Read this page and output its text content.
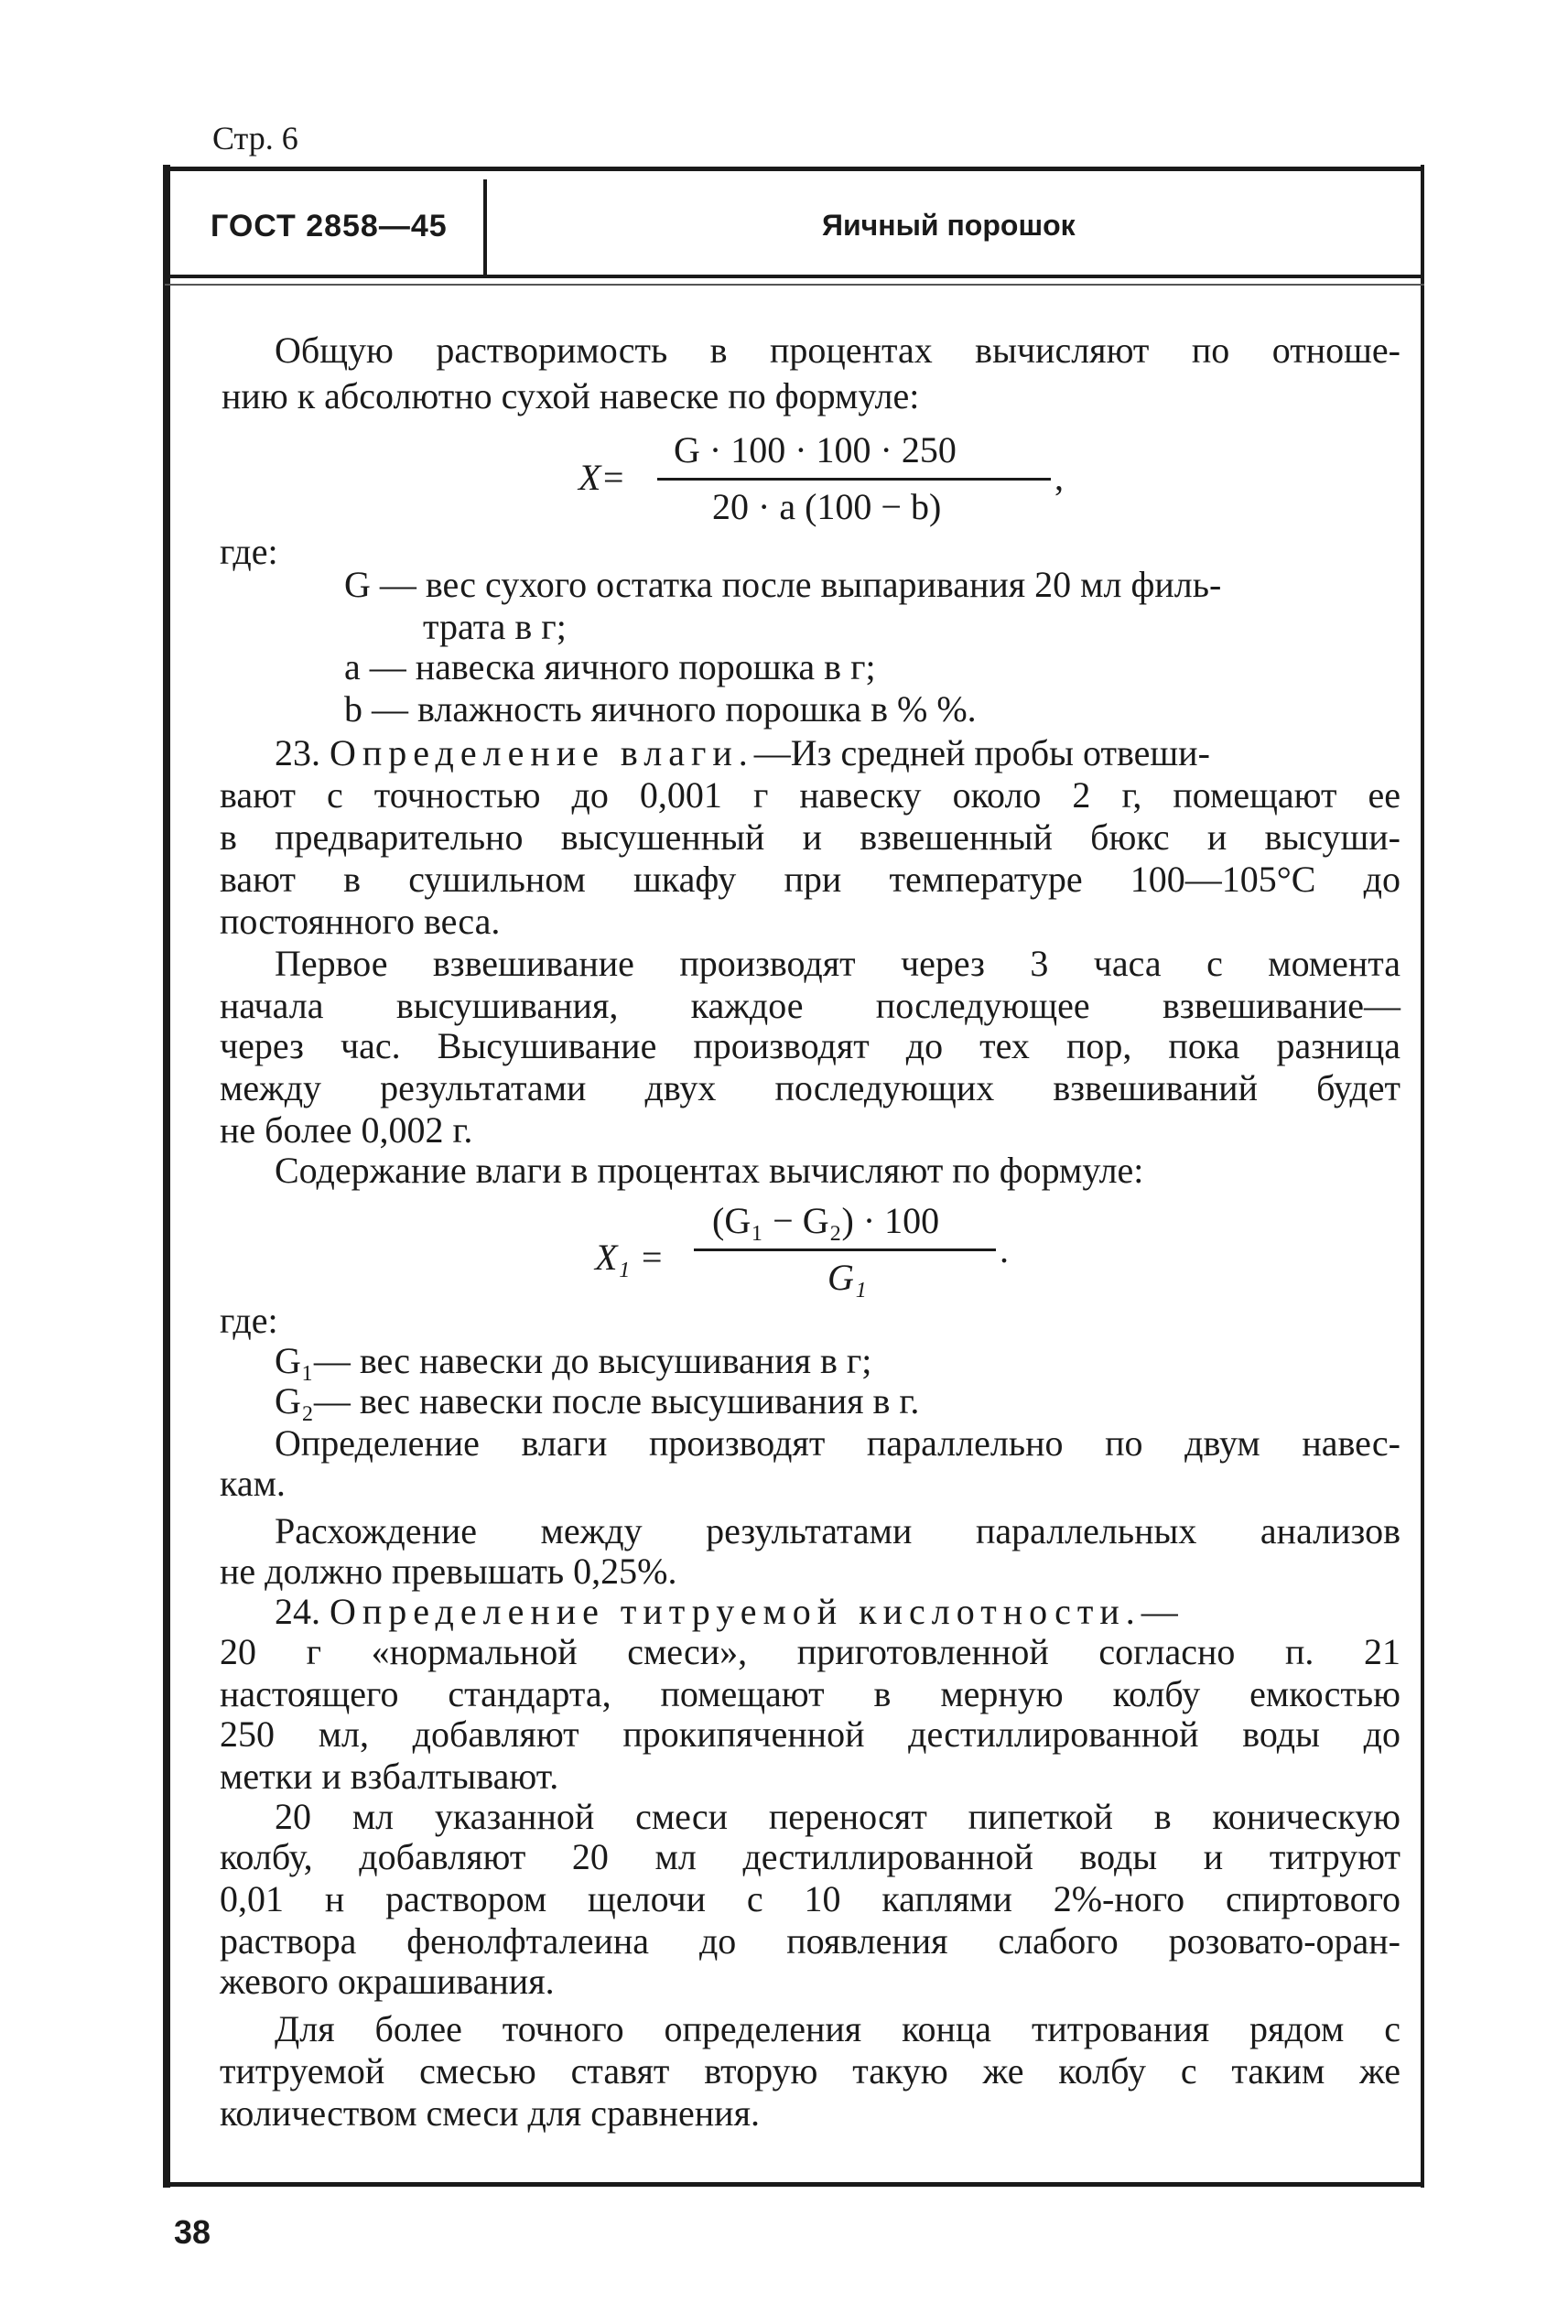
Стр. 6
ГОСТ 2858—45	Яичный порошок
Общую растворимость в процентах вычисляют по отноше-
нию к абсолютно сухой навеске по формуле:
X=
G · 100 · 100 · 250
20 · a (100 − b)
,
где:
G — вес сухого остатка после выпаривания 20 мл филь-
трата в г;
a — навеска яичного порошка в г;
b — влажность яичного порошка в % %.
23. Определение влаги.—Из средней пробы отвеши-
вают с точностью до 0,001 г навеску около 2 г, помещают ее
в предварительно высушенный и взвешенный бюкс и высуши-
вают в сушильном шкафу при температуре 100—105°С до
постоянного веса.
Первое взвешивание производят через 3 часа с момента
начала высушивания, каждое последующее взвешивание—
через час. Высушивание производят до тех пор, пока разница
между результатами двух последующих взвешиваний будет
не более 0,002 г.
Содержание влаги в процентах вычисляют по формуле:
X₁ =
(G₁ − G₂) · 100
G₁
.
где:
G₁— вес навески до высушивания в г;
G₂— вес навески после высушивания в г.
Определение влаги производят параллельно по двум навес-
кам.
Расхождение между результатами параллельных анализов
не должно превышать 0,25%.
24. Определение титруемой кислотности.—
20 г «нормальной смеси», приготовленной согласно п. 21
настоящего стандарта, помещают в мерную колбу емкостью
250 мл, добавляют прокипяченной дестиллированной воды до
метки и взбалтывают.
20 мл указанной смеси переносят пипеткой в коническую
колбу, добавляют 20 мл дестиллированной воды и титруют
0,01 н раствором щелочи с 10 каплями 2%-ного спиртового
раствора фенолфталеина до появления слабого розовато-оран-
жевого окрашивания.
Для более точного определения конца титрования рядом с
титруемой смесью ставят вторую такую же колбу с таким же
количеством смеси для сравнения.
38
